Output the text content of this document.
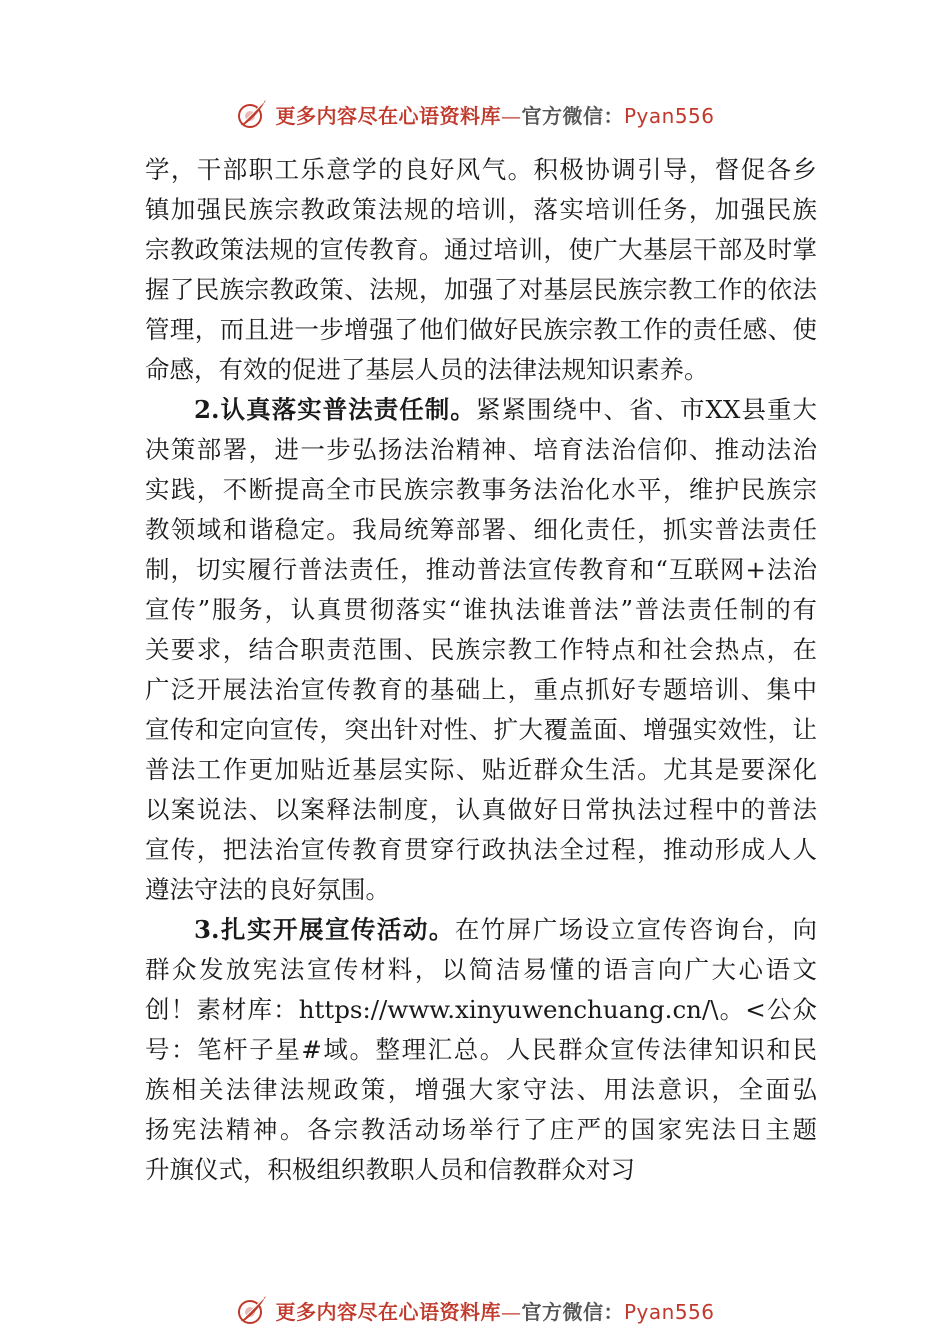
更多内容尽在心语资料库—官方微信：Pyan556
学，干部职工乐意学的良好风气。积极协调引导，督促各乡
镇加强民族宗教政策法规的培训，落实培训任务，加强民族
宗教政策法规的宣传教育。通过培训，使广大基层干部及时掌
握了民族宗教政策、法规，加强了对基层民族宗教工作的依法
管理，而且进一步增强了他们做好民族宗教工作的责任感、使
命感，有效的促进了基层人员的法律法规知识素养。
2.认真落实普法责任制。紧紧围绕中、省、市XX县重大
决策部署，进一步弘扬法治精神、培育法治信仰、推动法治
实践，不断提高全市民族宗教事务法治化水平，维护民族宗
教领域和谐稳定。我局统筹部署、细化责任，抓实普法责任
制，切实履行普法责任，推动普法宣传教育和“互联网+法治
宣传”服务，认真贯彻落实“谁执法谁普法”普法责任制的有
关要求，结合职责范围、民族宗教工作特点和社会热点，在
广泛开展法治宣传教育的基础上，重点抓好专题培训、集中
宣传和定向宣传，突出针对性、扩大覆盖面、增强实效性，让
普法工作更加贴近基层实际、贴近群众生活。尤其是要深化
以案说法、以案释法制度，认真做好日常执法过程中的普法
宣传，把法治宣传教育贯穿行政执法全过程，推动形成人人
遵法守法的良好氛围。
3.扎实开展宣传活动。在竹屏广场设立宣传咨询台，向
群众发放宪法宣传材料，以简洁易懂的语言向广大心语文
创！素材库：https://www.xinyuwenchuang.cn/\。<公众
号：笔杆子星#域。整理汇总。人民群众宣传法律知识和民
族相关法律法规政策，增强大家守法、用法意识，全面弘
扬宪法精神。各宗教活动场举行了庄严的国家宪法日主题
升旗仪式，积极组织教职人员和信教群众对习
更多内容尽在心语资料库—官方微信：Pyan556
